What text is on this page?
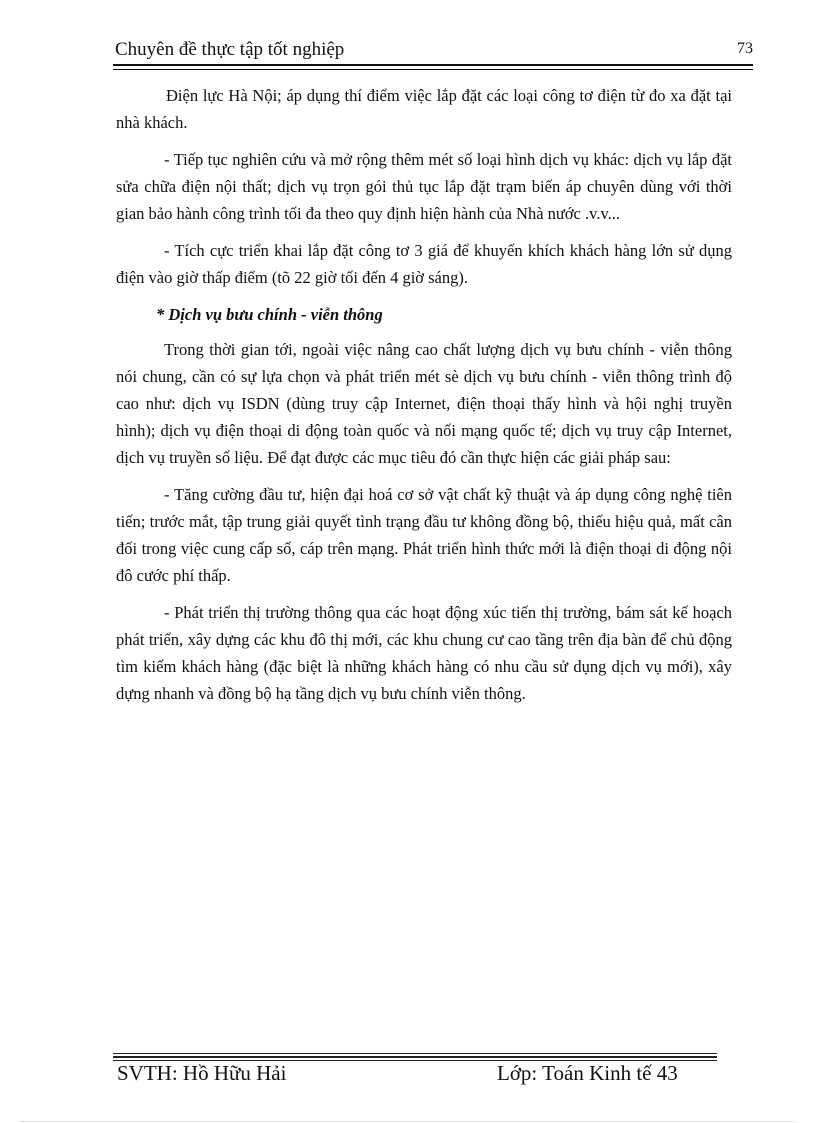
Chuyên đề thực tập tốt nghiệp	73

Điện lực Hà Nội; áp dụng thí điểm việc lắp đặt các loại công tơ điện từ đo xa đặt tại nhà khách.

- Tiếp tục nghiên cứu và mở rộng thêm mét số loại hình dịch vụ khác: dịch vụ lắp đặt sửa chữa điện nội thất; dịch vụ trọn gói thủ tục lắp đặt trạm biến áp chuyên dùng với thời gian bảo hành công trình tối đa theo quy định hiện hành của Nhà nước .v.v...

- Tích cực triển khai lắp đặt công tơ 3 giá để khuyến khích khách hàng lớn sử dụng điện vào giờ thấp điểm (tõ 22 giờ tối đến 4 giờ sáng).

* Dịch vụ bưu chính - viễn thông

Trong thời gian tới, ngoài việc nâng cao chất lượng dịch vụ bưu chính - viễn thông nói chung, cần có sự lựa chọn và phát triển mét sè dịch vụ bưu chính - viễn thông trình độ cao như: dịch vụ ISDN (dùng truy cập Internet, điện thoại thấy hình và hội nghị truyền hình); dịch vụ điện thoại di động toàn quốc và nối mạng quốc tế; dịch vụ truy cập Internet, dịch vụ truyền số liệu. Để đạt được các mục tiêu đó cần thực hiện các giải pháp sau:

- Tăng cường đầu tư, hiện đại hoá cơ sở vật chất kỹ thuật và áp dụng công nghệ tiên tiến; trước mắt, tập trung giải quyết tình trạng đầu tư không đồng bộ, thiếu hiệu quả, mất cân đối trong việc cung cấp số, cáp trên mạng. Phát triển hình thức mới là điện thoại di động nội đô cước phí thấp.

- Phát triển thị trường thông qua các hoạt động xúc tiến thị trường, bám sát kế hoạch phát triển, xây dựng các khu đô thị mới, các khu chung cư cao tầng trên địa bàn để chủ động tìm kiếm khách hàng (đặc biệt là những khách hàng có nhu cầu sử dụng dịch vụ mới), xây dựng nhanh và đồng bộ hạ tầng dịch vụ bưu chính viễn thông.

SVTH: Hồ Hữu Hải	Lớp: Toán Kinh tế 43
